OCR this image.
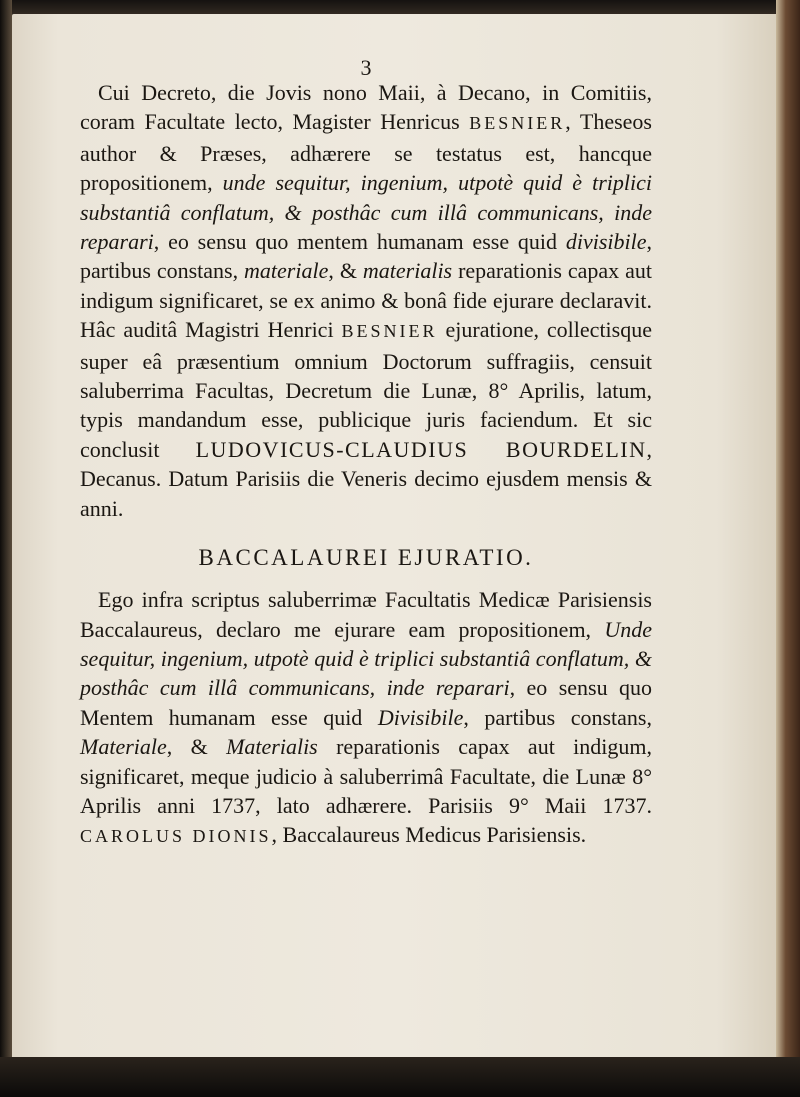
3

Cui Decreto, die Jovis nono Maii, à Decano, in Comitiis, coram Facultate lecto, Magister Henricus BESNIER, Theseos author & Præses, adhærere se testatus est, hancque propositionem, unde sequitur, ingenium, utpotè quid è triplici substantiâ conflatum, & posthâc cum illâ communicans, inde reparari, eo sensu quo mentem humanam esse quid divisibile, partibus constans, materiale, & materialis reparationis capax aut indigum significaret, se ex animo & bonâ fide ejurare declaravit. Hâc auditâ Magistri Henrici BESNIER ejuratione, collectisque super eâ præsentium omnium Doctorum suffragiis, censuit saluberrima Facultas, Decretum die Lunæ, 8° Aprilis, latum, typis mandandum esse, publicique juris faciendum. Et sic conclusit LUDOVICUS-CLAUDIUS BOURDELIN, Decanus. Datum Parisiis die Veneris decimo ejusdem mensis & anni.

BACCALAUREI EJURATIO.

Ego infra scriptus saluberrimæ Facultatis Medicæ Parisiensis Baccalaureus, declaro me ejurare eam propositionem, Unde sequitur, ingenium, utpotè quid è triplici substantiâ conflatum, & posthâc cum illâ communicans, inde reparari, eo sensu quo Mentem humanam esse quid Divisibile, partibus constans, Materiale, & Materialis reparationis capax aut indigum, significaret, meque judicio à saluberrimâ Facultate, die Lunæ 8° Aprilis anni 1737, lato adhærere. Parisiis 9° Maii 1737. CAROLUS DIONIS, Baccalaureus Medicus Parisiensis.
